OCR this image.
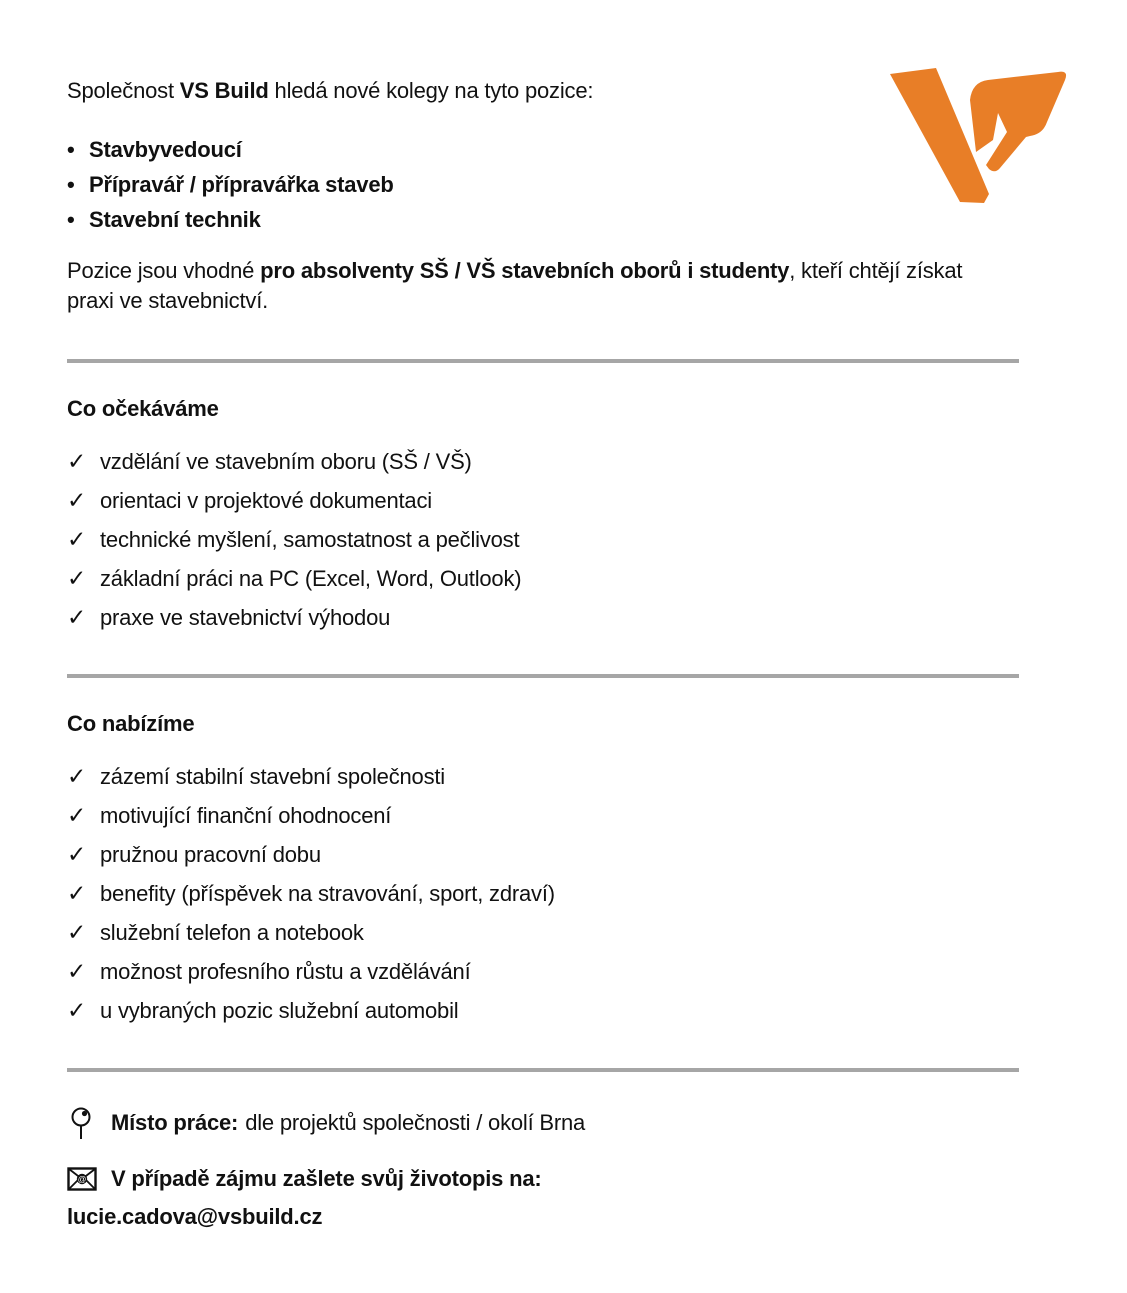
Společnost VS Build hledá nové kolegy na tyto pozice:
• Stavbyvedoucí
• Přípravář / přípravářka staveb
• Stavební technik
Pozice jsou vhodné pro absolventy SŠ / VŠ stavebních oborů i studenty, kteří chtějí získat praxi ve stavebnictví.
Co očekáváme
✓ vzdělání ve stavebním oboru (SŠ / VŠ)
✓ orientaci v projektové dokumentaci
✓ technické myšlení, samostatnost a pečlivost
✓ základní práci na PC (Excel, Word, Outlook)
✓ praxe ve stavebnictví výhodou
Co nabízíme
✓ zázemí stabilní stavební společnosti
✓ motivující finanční ohodnocení
✓ pružnou pracovní dobu
✓ benefity (příspěvek na stravování, sport, zdraví)
✓ služební telefon a notebook
✓ možnost profesního růstu a vzdělávání
✓ u vybraných pozic služební automobil
Místo práce: dle projektů společnosti / okolí Brna
@ V případě zájmu zašlete svůj životopis na:
lucie.cadova@vsbuild.cz
